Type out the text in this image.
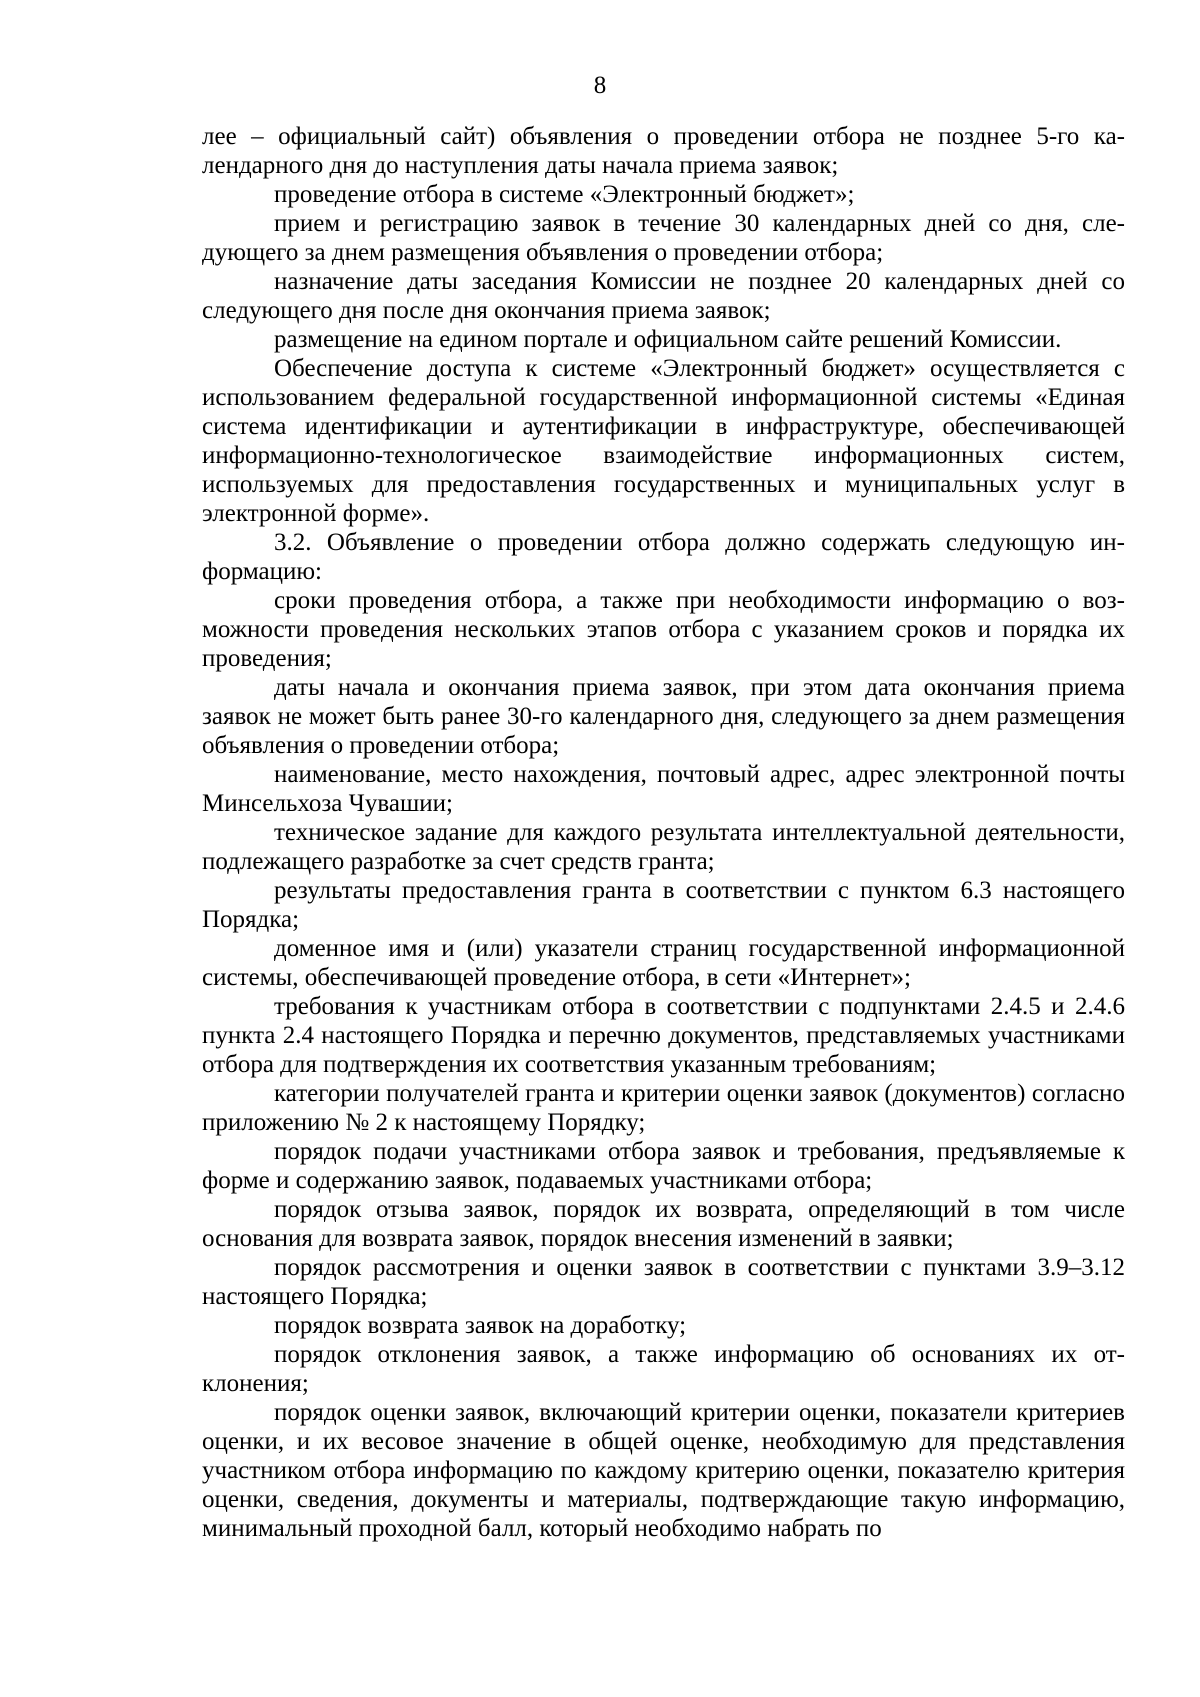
8

лее – официальный сайт) объявления о проведении отбора не позднее 5-го календарного дня до наступления даты начала приема заявок;

проведение отбора в системе «Электронный бюджет»;

прием и регистрацию заявок в течение 30 календарных дней со дня, следующего за днем размещения объявления о проведении отбора;

назначение даты заседания Комиссии не позднее 20 календарных дней со следующего дня после дня окончания приема заявок;

размещение на едином портале и официальном сайте решений Комиссии.

Обеспечение доступа к системе «Электронный бюджет» осуществляется с использованием федеральной государственной информационной системы «Единая система идентификации и аутентификации в инфраструктуре, обеспечивающей информационно-технологическое взаимодействие информационных систем, используемых для предоставления государственных и муниципальных услуг в электронной форме».

3.2. Объявление о проведении отбора должно содержать следующую информацию:

сроки проведения отбора, а также при необходимости информацию о возможности проведения нескольких этапов отбора с указанием сроков и порядка их проведения;

даты начала и окончания приема заявок, при этом дата окончания приема заявок не может быть ранее 30-го календарного дня, следующего за днем размещения объявления о проведении отбора;

наименование, место нахождения, почтовый адрес, адрес электронной почты Минсельхоза Чувашии;

техническое задание для каждого результата интеллектуальной деятельности, подлежащего разработке за счет средств гранта;

результаты предоставления гранта в соответствии с пунктом 6.3 настоящего Порядка;

доменное имя и (или) указатели страниц государственной информационной системы, обеспечивающей проведение отбора, в сети «Интернет»;

требования к участникам отбора в соответствии с подпунктами 2.4.5 и 2.4.6 пункта 2.4 настоящего Порядка и перечню документов, представляемых участниками отбора для подтверждения их соответствия указанным требованиям;

категории получателей гранта и критерии оценки заявок (документов) согласно приложению № 2 к настоящему Порядку;

порядок подачи участниками отбора заявок и требования, предъявляемые к форме и содержанию заявок, подаваемых участниками отбора;

порядок отзыва заявок, порядок их возврата, определяющий в том числе основания для возврата заявок, порядок внесения изменений в заявки;

порядок рассмотрения и оценки заявок в соответствии с пунктами 3.9–3.12 настоящего Порядка;

порядок возврата заявок на доработку;

порядок отклонения заявок, а также информацию об основаниях их отклонения;

порядок оценки заявок, включающий критерии оценки, показатели критериев оценки, и их весовое значение в общей оценке, необходимую для представления участником отбора информацию по каждому критерию оценки, показателю критерия оценки, сведения, документы и материалы, подтверждающие такую информацию, минимальный проходной балл, который необходимо набрать по
